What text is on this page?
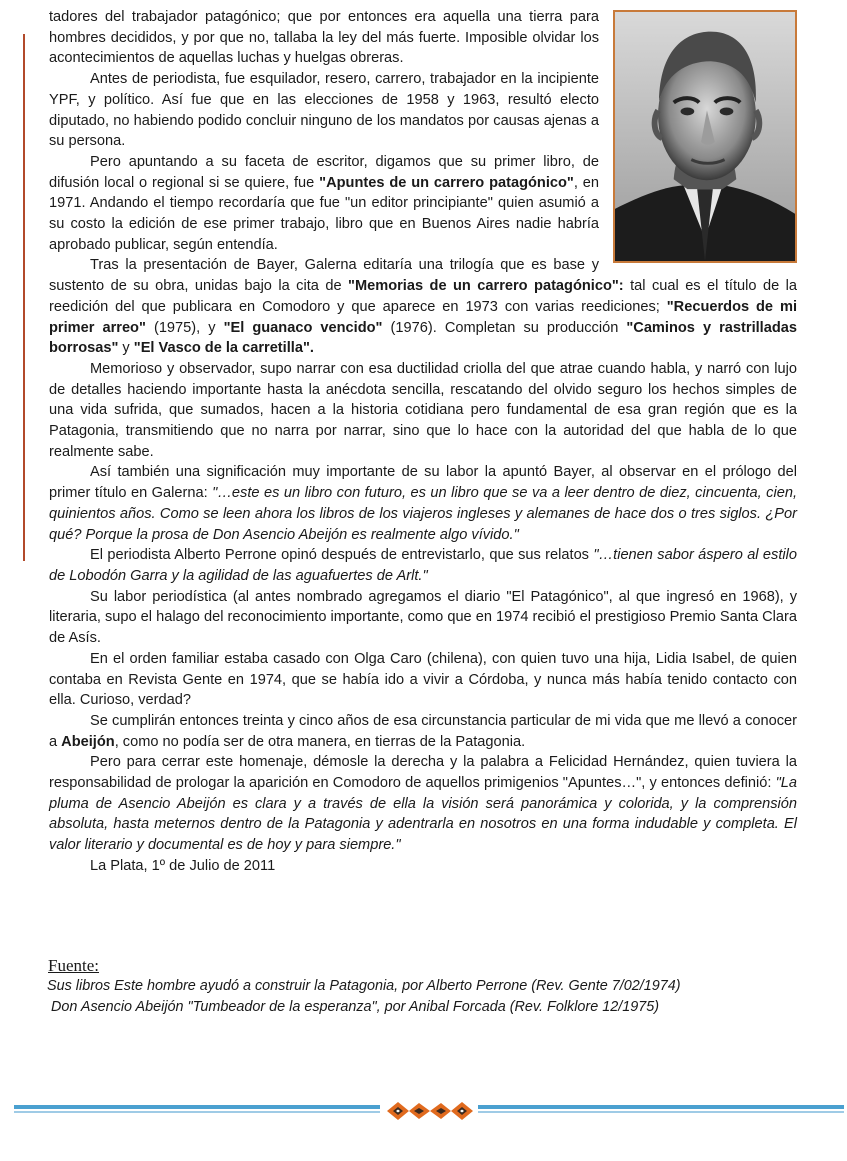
tadores del trabajador patagónico; que por entonces era aquella una tierra para hombres decididos, y por que no, tallaba la ley del más fuerte. Imposible olvidar los acontecimientos de aquellas luchas y huelgas obreras.

Antes de periodista, fue esquilador, resero, carrero, trabajador en la incipiente YPF, y político. Así fue que en las elecciones de 1958 y 1963, resultó electo diputado, no habiendo podido concluir ninguno de los mandatos por causas ajenas a su persona.

Pero apuntando a su faceta de escritor, digamos que su primer libro, de difusión local o regional si se quiere, fue "Apuntes de un carrero patagónico", en 1971. Andando el tiempo recordaría que fue "un editor principiante" quien asumió a su costo la edición de ese primer trabajo, libro que en Buenos Aires nadie habría aprobado publicar, según entendía.

Tras la presentación de Bayer, Galerna editaría una trilogía que es base y sustento de su obra, unidas bajo la cita de "Memorias de un carrero patagónico": tal cual es el título de la reedición del que publicara en Comodoro y que aparece en 1973 con varias reediciones; "Recuerdos de mi primer arreo" (1975), y "El guanaco vencido" (1976). Completan su producción "Caminos y rastrilladas borrosas" y "El Vasco de la carretilla".

Memorioso y observador, supo narrar con esa ductilidad criolla del que atrae cuando habla, y narró con lujo de detalles haciendo importante hasta la anécdota sencilla, rescatando del olvido seguro los hechos simples de una vida sufrida, que sumados, hacen a la historia cotidiana pero fundamental de esa gran región que es la Patagonia, transmitiendo que no narra por narrar, sino que lo hace con la autoridad del que habla de lo que realmente sabe.

Así también una significación muy importante de su labor la apuntó Bayer, al observar en el prólogo del primer título en Galerna: "…este es un libro con futuro, es un libro que se va a leer dentro de diez, cincuenta, cien, quinientos años. Como se leen ahora los libros de los viajeros ingleses y alemanes de hace dos o tres siglos. ¿Por qué? Porque la prosa de Don Asencio Abeijón es realmente algo vívido."

El periodista Alberto Perrone opinó después de entrevistarlo, que sus relatos "…tienen sabor áspero al estilo de Lobodón Garra y la agilidad de las aguafuertes de Arlt."

Su labor periodística (al antes nombrado agregamos el diario "El Patagónico", al que ingresó en 1968), y literaria, supo el halago del reconocimiento importante, como que en 1974 recibió el prestigioso Premio Santa Clara de Asís.

En el orden familiar estaba casado con Olga Caro (chilena), con quien tuvo una hija, Lidia Isabel, de quien contaba en Revista Gente en 1974, que se había ido a vivir a Córdoba, y nunca más había tenido contacto con ella. Curioso, verdad?

Se cumplirán entonces treinta y cinco años de esa circunstancia particular de mi vida que me llevó a conocer a Abeijón, como no podía ser de otra manera, en tierras de la Patagonia.

Pero para cerrar este homenaje, démosle la derecha y la palabra a Felicidad Hernández, quien tuviera la responsabilidad de prologar la aparición en Comodoro de aquellos primigenios "Apuntes…", y entonces definió: "La pluma de Asencio Abeijón es clara y a través de ella la visión será panorámica y colorida, y la comprensión absoluta, hasta meternos dentro de la Patagonia y adentrarla en nosotros en una forma indudable y completa. El valor literario y documental es de hoy y para siempre."

La Plata, 1º de Julio de 2011

Fuente:
Sus libros Este hombre ayudó a construir la Patagonia, por Alberto Perrone (Rev. Gente 7/02/1974)
Don Asencio Abeijón "Tumbeador de la esperanza", por Anibal Forcada (Rev. Folklore 12/1975)
